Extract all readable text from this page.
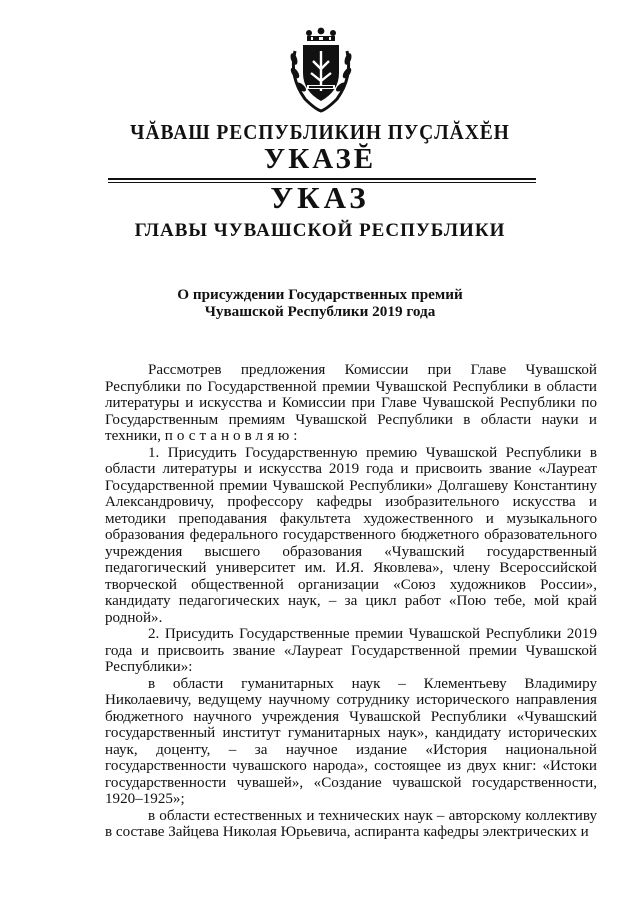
ЧĂВАШ РЕСПУБЛИКИН ПУҪЛĂХĔН
УКАЗĔ
УКАЗ
ГЛАВЫ ЧУВАШСКОЙ РЕСПУБЛИКИ
О присуждении Государственных премий
Чувашской Республики 2019 года

Рассмотрев предложения Комиссии при Главе Чувашской Республики по Государственной премии Чувашской Республики в области литературы и искусства и Комиссии при Главе Чувашской Республики по Государственным премиям Чувашской Республики в области науки и техники, постановляю:

1. Присудить Государственную премию Чувашской Республики в области литературы и искусства 2019 года и присвоить звание «Лауреат Государственной премии Чувашской Республики» Долгашеву Константину Александровичу, профессору кафедры изобразительного искусства и методики преподавания факультета художественного и музыкального образования федерального государственного бюджетного образовательного учреждения высшего образования «Чувашский государственный педагогический университет им. И.Я. Яковлева», члену Всероссийской творческой общественной организации «Союз художников России», кандидату педагогических наук, – за цикл работ «Пою тебе, мой край родной».

2. Присудить Государственные премии Чувашской Республики 2019 года и присвоить звание «Лауреат Государственной премии Чувашской Республики»:

в области гуманитарных наук – Клементьеву Владимиру Николаевичу, ведущему научному сотруднику исторического направления бюджетного научного учреждения Чувашской Республики «Чувашский государственный институт гуманитарных наук», кандидату исторических наук, доценту, – за научное издание «История национальной государственности чувашского народа», состоящее из двух книг: «Истоки государственности чувашей», «Создание чувашской государственности, 1920–1925»;

в области естественных и технических наук – авторскому коллективу в составе Зайцева Николая Юрьевича, аспиранта кафедры электрических и
